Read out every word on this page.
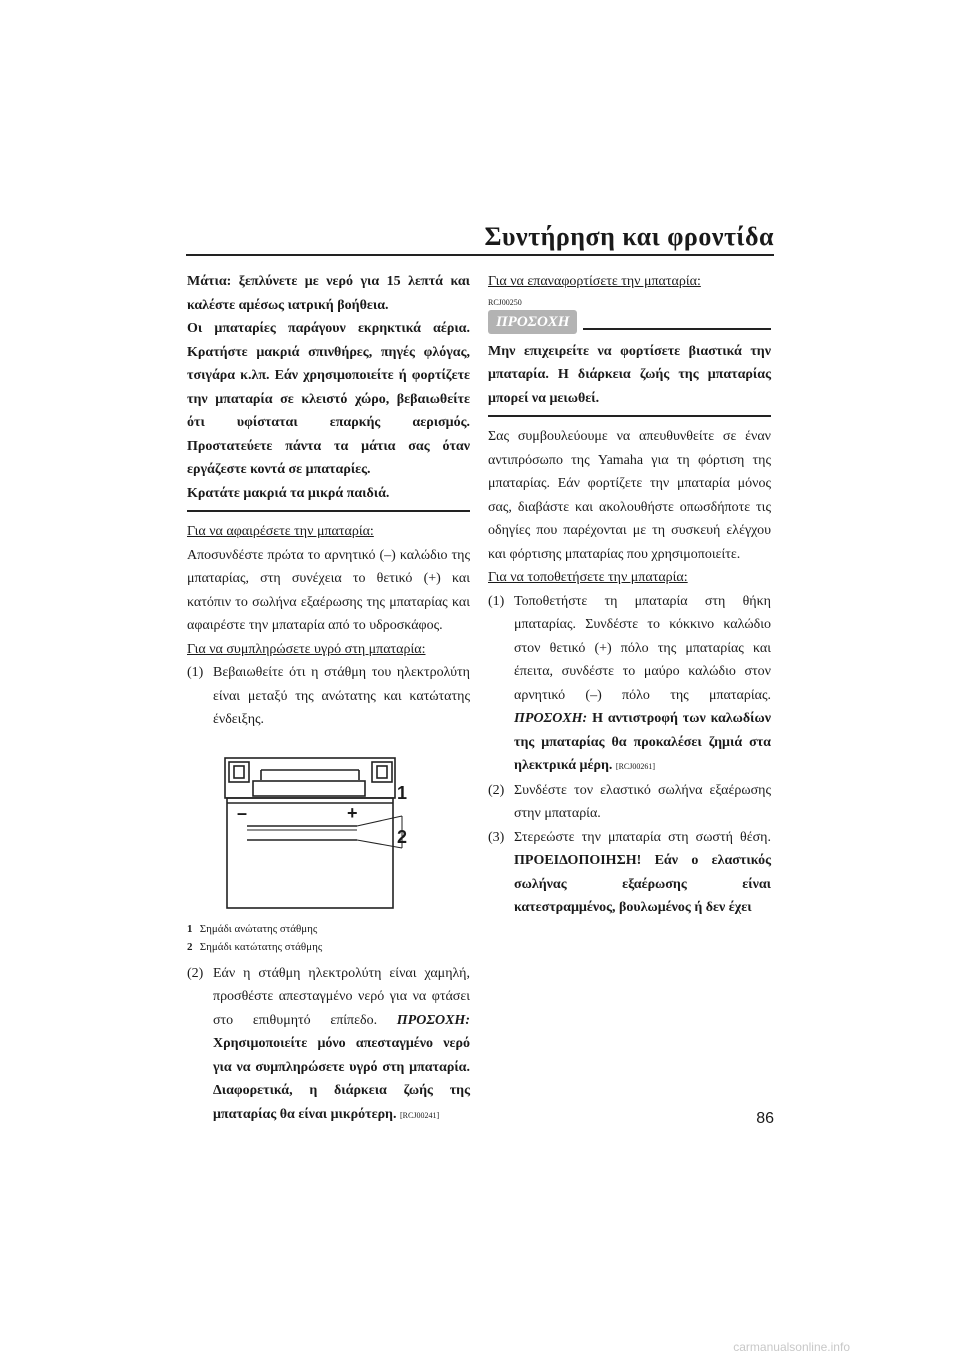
Συντήρηση και φροντίδα

Μάτια: ξεπλύνετε με νερό για 15 λεπτά και καλέστε αμέσως ιατρική βοήθεια.

Οι μπαταρίες παράγουν εκρηκτικά αέρια. Κρατήστε μακριά σπινθήρες, πηγές φλόγας, τσιγάρα κ.λπ. Εάν χρησιμοποιείτε ή φορτίζετε την μπαταρία σε κλειστό χώρο, βεβαιωθείτε ότι υφίσταται επαρκής αερισμός. Προστατεύετε πάντα τα μάτια σας όταν εργάζεστε κοντά σε μπαταρίες.

Κρατάτε μακριά τα μικρά παιδιά.

Για να αφαιρέσετε την μπαταρία:

Αποσυνδέστε πρώτα το αρνητικό (–) καλώδιο της μπαταρίας, στη συνέχεια το θετικό (+) και κατόπιν το σωλήνα εξαέρωσης της μπαταρίας και αφαιρέστε την μπαταρία από το υδροσκάφος.

Για να συμπληρώσετε υγρό στη μπαταρία:

(1) Βεβαιωθείτε ότι η στάθμη του ηλεκτρολύτη είναι μεταξύ της ανώτατης και κατώτατης ένδειξης.
–	+
1
2
1 Σημάδι ανώτατης στάθμης
2 Σημάδι κατώτατης στάθμης
(2) Εάν η στάθμη ηλεκτρολύτη είναι χαμηλή, προσθέστε απεσταγμένο νερό για να φτάσει στο επιθυμητό επίπεδο. ΠΡΟΣΟΧΗ: Χρησιμοποιείτε μόνο απεσταγμένο νερό για να συμπληρώσετε υγρό στη μπαταρία. Διαφορετικά, η διάρκεια ζωής της μπαταρίας θα είναι μικρότερη. [RCJ00241]

Για να επαναφορτίσετε την μπαταρία:

RCJ00250
ΠΡΟΣΟΧΗ

Μην επιχειρείτε να φορτίσετε βιαστικά την μπαταρία. Η διάρκεια ζωής της μπαταρίας μπορεί να μειωθεί.

Σας συμβουλεύουμε να απευθυνθείτε σε έναν αντιπρόσωπο της Yamaha για τη φόρτιση της μπαταρίας. Εάν φορτίζετε την μπαταρία μόνος σας, διαβάστε και ακολουθήστε οπωσδήποτε τις οδηγίες που παρέχονται με τη συσκευή ελέγχου και φόρτισης μπαταρίας που χρησιμοποιείτε.

Για να τοποθετήσετε την μπαταρία:

(1) Τοποθετήστε τη μπαταρία στη θήκη μπαταρίας. Συνδέστε το κόκκινο καλώδιο στον θετικό (+) πόλο της μπαταρίας και έπειτα, συνδέστε το μαύρο καλώδιο στον αρνητικό (–) πόλο της μπαταρίας. ΠΡΟΣΟΧΗ: Η αντιστροφή των καλωδίων της μπαταρίας θα προκαλέσει ζημιά στα ηλεκτρικά μέρη. [RCJ00261]
(2) Συνδέστε τον ελαστικό σωλήνα εξαέρωσης στην μπαταρία.
(3) Στερεώστε την μπαταρία στη σωστή θέση. ΠΡΟΕΙΔΟΠΟΙΗΣΗ! Εάν ο ελαστικός σωλήνας εξαέρωσης είναι κατεστραμμένος, βουλωμένος ή δεν έχει
86
carmanualsonline.info
